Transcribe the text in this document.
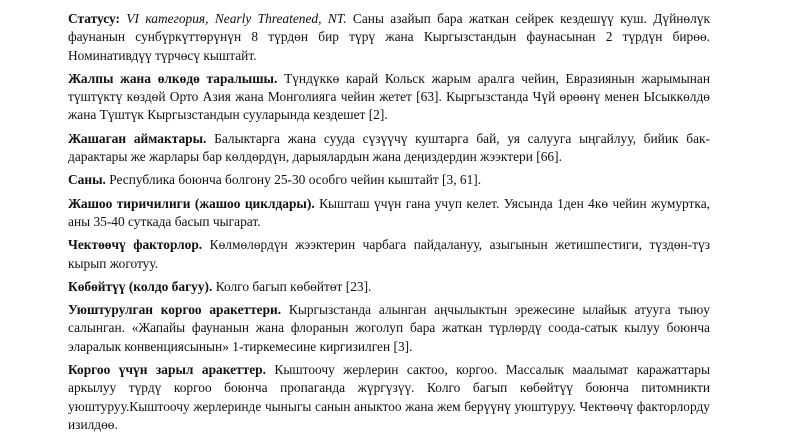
Статусу: VI категория, Nearly Threatened, NT. Саны азайып бара жаткан сейрек кездешүү куш. Дүйнөлүк фаунанын сунбүркүттөрүнүн 8 түрдөн бир түрү жана Кыргызстандын фаунасынан 2 түрдүн бирөө. Номинативдүү түрчөсү кыштайт.

Жалпы жана өлкөдө таралышы. Түндүккө карай Кольск жарым аралга чейин, Евразиянын жарымынан түштүктү көздөй Орто Азия жана Монголияга чейин жетет [63]. Кыргызстанда Чүй өрөөнү менен Ысыккөлдө жана Түштүк Кыргызстандын сууларында кездешет [2].

Жашаган аймактары. Балыктарга жана сууда сүзүүчү куштарга бай, уя салууга ыңгайлуу, бийик бак-дарактары же жарлары бар көлдөрдүн, дарыялардын жана деңиздердин жээктери [66].

Саны. Республика боюнча болгону 25-30 особго чейин кыштайт [3, 61].

Жашоо тиричилиги (жашоо циклдары). Кышташ үчүн гана учуп келет. Уясында 1ден 4кө чейин жумуртка, аны 35-40 суткада басып чыгарат.

Чектөөчү факторлор. Көлмөлөрдүн жээктерин чарбага пайдалануу, азыгынын жетишпестиги, түздөн-түз кырып жоготуу.

Көбөйтүү (колдо багуу). Колго багып көбөйтөт [23].

Уюштурулган коргоо аракеттери. Кыргызстанда алынган аңчылыктын эрежесине ылайык атууга тыюу салынган. «Жапайы фаунанын жана флоранын жоголуп бара жаткан түрлөрдү соода-сатык кылуу боюнча эларалык конвенциясынын» 1-тиркемесине киргизилген [3].

Коргоо үчүн зарыл аракеттер. Кыштоочу жерлерин сактоо, коргоо. Массалык маалымат каражаттары аркылуу түрдү коргоо боюнча пропаганда жүргүзүү. Колго багып көбөйтүү боюнча питомникти уюштуруу.Кыштоочу жерлеринде чыныгы санын аныктоо жана жем берүүнү уюштуруу. Чектөөчү факторлорду изилдөө.
